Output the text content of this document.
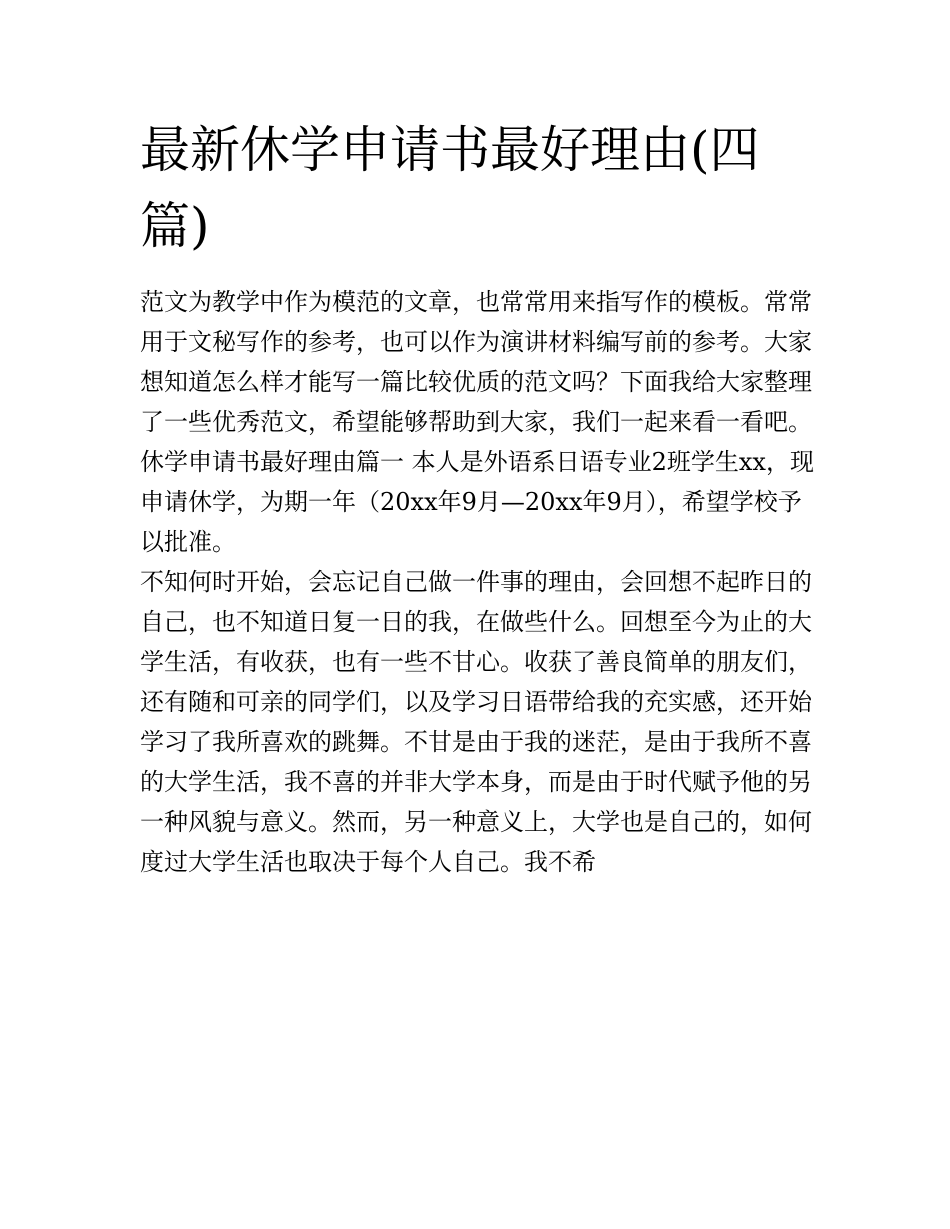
最新休学申请书最好理由(四篇)

范文为教学中作为模范的文章，也常常用来指写作的模板。常常用于文秘写作的参考，也可以作为演讲材料编写前的参考。大家想知道怎么样才能写一篇比较优质的范文吗？下面我给大家整理了一些优秀范文，希望能够帮助到大家，我们一起来看一看吧。

休学申请书最好理由篇一 本人是外语系日语专业2班学生xx，现申请休学，为期一年（20xx年9月—20xx年9月），希望学校予以批准。

不知何时开始，会忘记自己做一件事的理由，会回想不起昨日的自己，也不知道日复一日的我，在做些什么。回想至今为止的大学生活，有收获，也有一些不甘心。收获了善良简单的朋友们，还有随和可亲的同学们，以及学习日语带给我的充实感，还开始学习了我所喜欢的跳舞。不甘是由于我的迷茫，是由于我所不喜的大学生活，我不喜的并非大学本身，而是由于时代赋予他的另一种风貌与意义。然而，另一种意义上，大学也是自己的，如何度过大学生活也取决于每个人自己。我不希
